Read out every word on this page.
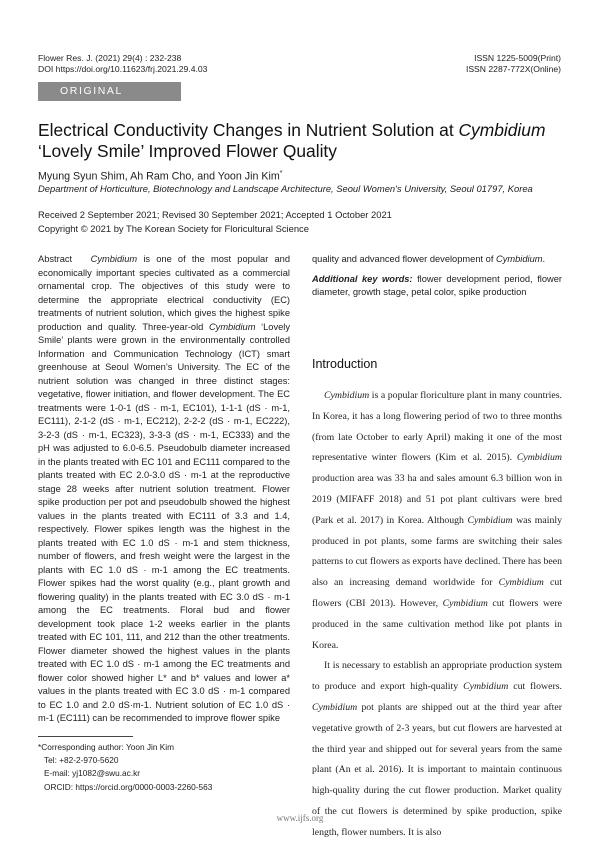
Flower Res. J. (2021) 29(4) : 232-238
DOI https://doi.org/10.11623/frj.2021.29.4.03
ISSN 1225-5009(Print)
ISSN 2287-772X(Online)
ORIGINAL ARTICLE
Electrical Conductivity Changes in Nutrient Solution at Cymbidium
‘Lovely Smile’ Improved Flower Quality
Myung Syun Shim, Ah Ram Cho, and Yoon Jin Kim*
Department of Horticulture, Biotechnology and Landscape Architecture, Seoul Women's University, Seoul 01797, Korea
Received 2 September 2021; Revised 30 September 2021; Accepted 1 October 2021
Copyright © 2021 by The Korean Society for Floricultural Science
Abstract Cymbidium is one of the most popular and economically important species cultivated as a commercial ornamental crop. The objectives of this study were to determine the appropriate electrical conductivity (EC) treatments of nutrient solution, which gives the highest spike production and quality. Three-year-old Cymbidium ‘Lovely Smile’ plants were grown in the environmentally controlled Information and Communication Technology (ICT) smart greenhouse at Seoul Women’s University. The EC of the nutrient solution was changed in three distinct stages: vegetative, flower initiation, and flower development. The EC treatments were 1-0-1 (dS · m-1, EC101), 1-1-1 (dS · m-1, EC111), 2-1-2 (dS · m-1, EC212), 2-2-2 (dS · m-1, EC222), 3-2-3 (dS · m-1, EC323), 3-3-3 (dS · m-1, EC333) and the pH was adjusted to 6.0-6.5. Pseudobulb diameter increased in the plants treated with EC 101 and EC111 compared to the plants treated with EC 2.0-3.0 dS · m-1 at the reproductive stage 28 weeks after nutrient solution treatment. Flower spike production per pot and pseudobulb showed the highest values in the plants treated with EC111 of 3.3 and 1.4, respectively. Flower spikes length was the highest in the plants treated with EC 1.0 dS · m-1 and stem thickness, number of flowers, and fresh weight were the largest in the plants with EC 1.0 dS · m-1 among the EC treatments. Flower spikes had the worst quality (e.g., plant growth and flowering quality) in the plants treated with EC 3.0 dS · m-1 among the EC treatments. Floral bud and flower development took place 1-2 weeks earlier in the plants treated with EC 101, 111, and 212 than the other treatments. Flower diameter showed the highest values in the plants treated with EC 1.0 dS · m-1 among the EC treatments and flower color showed higher L* and b* values and lower a* values in the plants treated with EC 3.0 dS · m-1 compared to EC 1.0 and 2.0 dS·m-1. Nutrient solution of EC 1.0 dS · m-1 (EC111) can be recommended to improve flower spike
quality and advanced flower development of Cymbidium.
Additional key words: flower development period, flower diameter, growth stage, petal color, spike production
Introduction

Cymbidium is a popular floriculture plant in many countries. In Korea, it has a long flowering period of two to three months (from late October to early April) making it one of the most representative winter flowers (Kim et al. 2015). Cymbidium production area was 33 ha and sales amount 6.3 billion won in 2019 (MIFAFF 2018) and 51 pot plant cultivars were bred (Park et al. 2017) in Korea. Although Cymbidium was mainly produced in pot plants, some farms are switching their sales patterns to cut flowers as exports have declined. There has been also an increasing demand worldwide for Cymbidium cut flowers (CBI 2013). However, Cymbidium cut flowers were produced in the same cultivation method like pot plants in Korea.

It is necessary to establish an appropriate production system to produce and export high-quality Cymbidium cut flowers. Cymbidium pot plants are shipped out at the third year after vegetative growth of 2-3 years, but cut flowers are harvested at the third year and shipped out for several years from the same plant (An et al. 2016). It is important to maintain continuous high-quality during the cut flower production. Market quality of the cut flowers is determined by spike production, spike length, flower numbers. It is also

*Corresponding author: Yoon Jin Kim
Tel: +82-2-970-5620
E-mail: yj1082@swu.ac.kr
ORCID: https://orcid.org/0000-0003-2260-563
www.ijfs.org
